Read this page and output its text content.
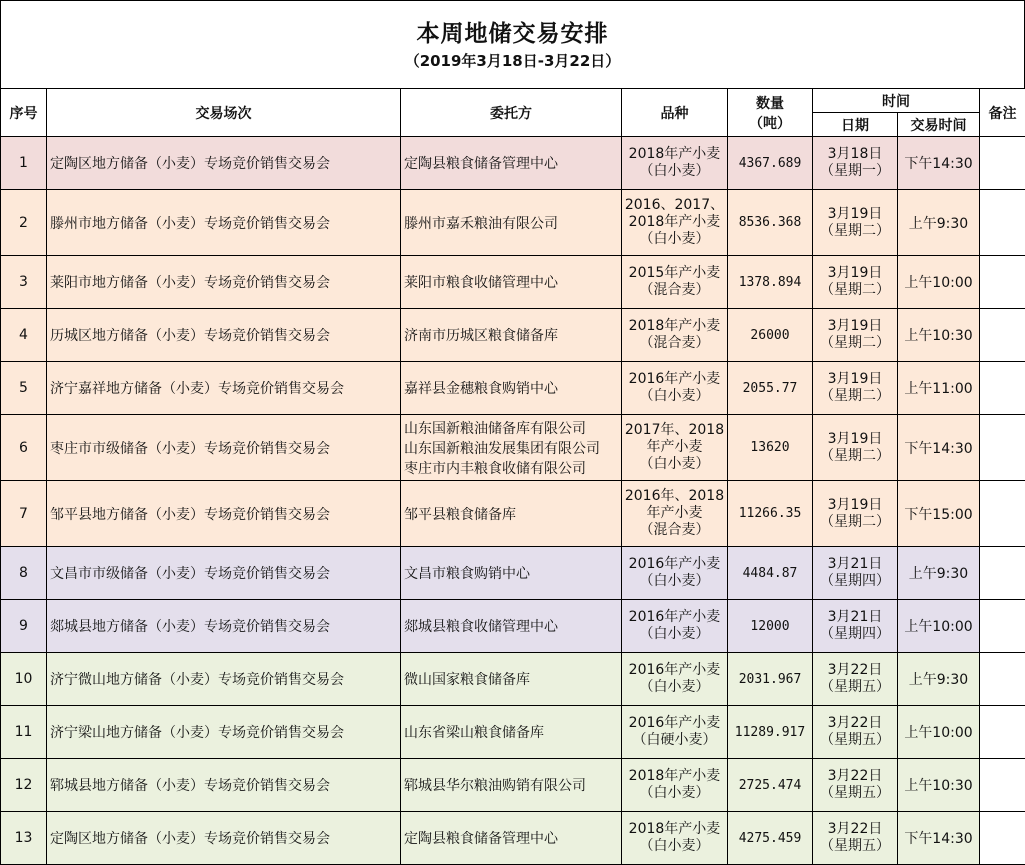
本周地储交易安排
（2019年3月18日-3月22日）
序号	交易场次	委托方	品种	数量
（吨）	时间		备注
					日期	交易时间	
1	定陶区地方储备（小麦）专场竞价销售交易会	定陶县粮食储备管理中心	2018年产小麦
（白小麦）	4367.689	3月18日
（星期一）	下午14:30	
2	滕州市地方储备（小麦）专场竞价销售交易会	滕州市嘉禾粮油有限公司	2016、2017、
2018年产小麦
（白小麦）	8536.368	3月19日
（星期二）	上午9:30	
3	莱阳市地方储备（小麦）专场竞价销售交易会	莱阳市粮食收储管理中心	2015年产小麦
（混合麦）	1378.894	3月19日
（星期二）	上午10:00	
4	历城区地方储备（小麦）专场竞价销售交易会	济南市历城区粮食储备库	2018年产小麦
（混合麦）	26000	3月19日
（星期二）	上午10:30	
5	济宁嘉祥地方储备（小麦）专场竞价销售交易会	嘉祥县金穗粮食购销中心	2016年产小麦
（白小麦）	2055.77	3月19日
（星期二）	上午11:00	
6	枣庄市市级储备（小麦）专场竞价销售交易会	山东国新粮油储备库有限公司
山东国新粮油发展集团有限公司
枣庄市内丰粮食收储有限公司	2017年、2018
年产小麦
（白小麦）	13620	3月19日
（星期二）	下午14:30	
7	邹平县地方储备（小麦）专场竞价销售交易会	邹平县粮食储备库	2016年、2018
年产小麦
（混合麦）	11266.35	3月19日
（星期二）	下午15:00	
8	文昌市市级储备（小麦）专场竞价销售交易会	文昌市粮食购销中心	2016年产小麦
（白小麦）	4484.87	3月21日
（星期四）	上午9:30	
9	郯城县地方储备（小麦）专场竞价销售交易会	郯城县粮食收储管理中心	2016年产小麦
（白小麦）	12000	3月21日
（星期四）	上午10:00	
10	济宁微山地方储备（小麦）专场竞价销售交易会	微山国家粮食储备库	2016年产小麦
（白小麦）	2031.967	3月22日
（星期五）	上午9:30	
11	济宁梁山地方储备（小麦）专场竞价销售交易会	山东省梁山粮食储备库	2016年产小麦
（白硬小麦）	11289.917	3月22日
（星期五）	上午10:00	
12	郓城县地方储备（小麦）专场竞价销售交易会	郓城县华尔粮油购销有限公司	2018年产小麦
（白小麦）	2725.474	3月22日
（星期五）	上午10:30	
13	定陶区地方储备（小麦）专场竞价销售交易会	定陶县粮食储备管理中心	2018年产小麦
（白小麦）	4275.459	3月22日
（星期五）	下午14:30	
